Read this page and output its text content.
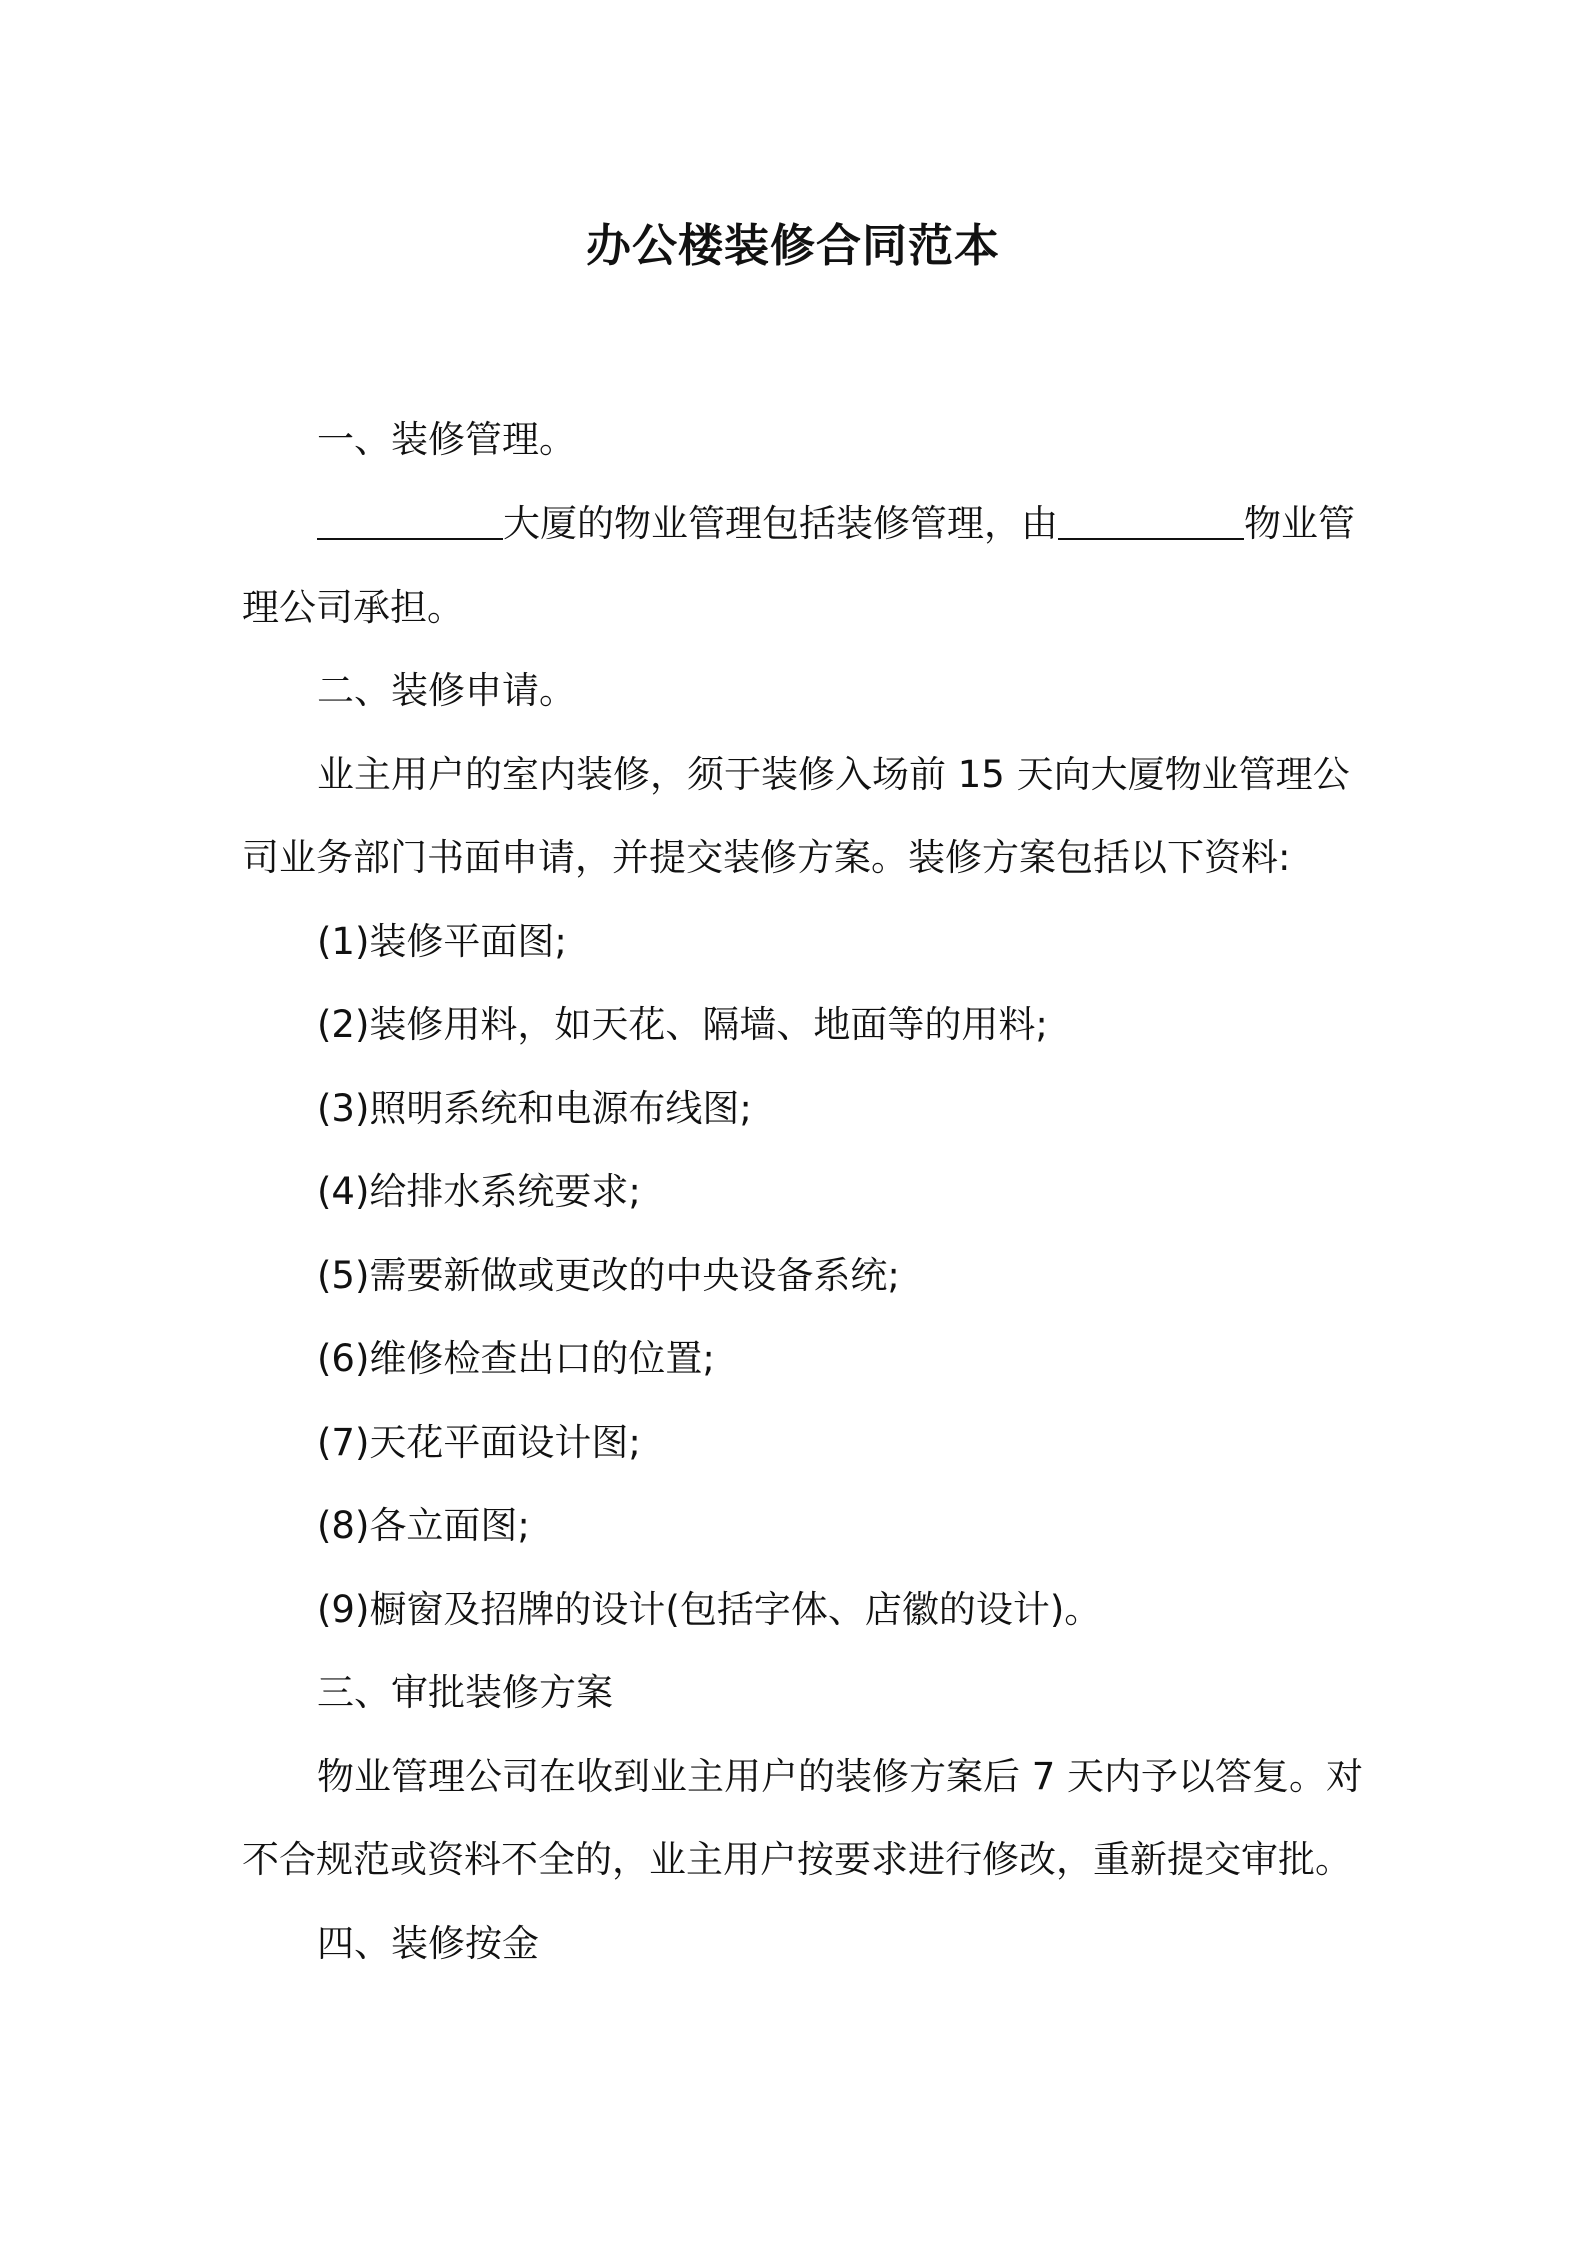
办公楼装修合同范本
一、装修管理。
大厦的物业管理包括装修管理，由	物业管
理公司承担。
二、装修申请。
业主用户的室内装修，须于装修入场前 15 天向大厦物业管理公
司业务部门书面申请，并提交装修方案。装修方案包括以下资料:
(1)装修平面图;
(2)装修用料，如天花、隔墙、地面等的用料;
(3)照明系统和电源布线图;
(4)给排水系统要求;
(5)需要新做或更改的中央设备系统;
(6)维修检查出口的位置;
(7)天花平面设计图;
(8)各立面图;
(9)橱窗及招牌的设计(包括字体、店徽的设计)。
三、审批装修方案
物业管理公司在收到业主用户的装修方案后 7 天内予以答复。对
不合规范或资料不全的，业主用户按要求进行修改，重新提交审批。
四、装修按金
